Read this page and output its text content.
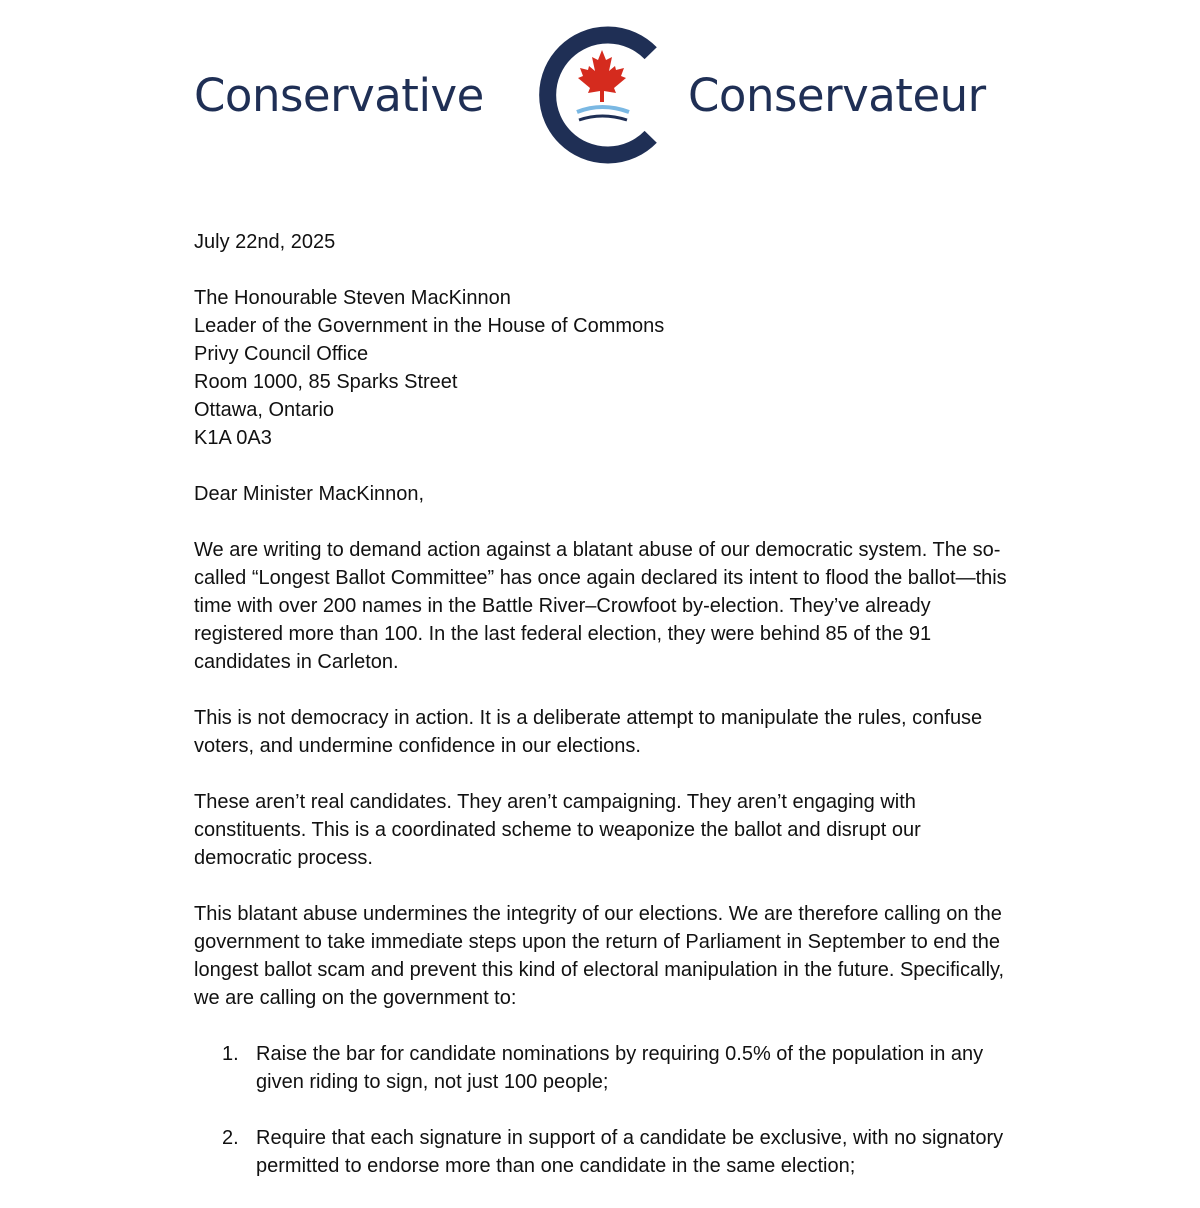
Conservative	Conservateur

July 22nd, 2025

The Honourable Steven MacKinnon
Leader of the Government in the House of Commons
Privy Council Office
Room 1000, 85 Sparks Street
Ottawa, Ontario
K1A 0A3

Dear Minister MacKinnon,

We are writing to demand action against a blatant abuse of our democratic system. The so-called “Longest Ballot Committee” has once again declared its intent to flood the ballot—this time with over 200 names in the Battle River–Crowfoot by-election. They’ve already registered more than 100. In the last federal election, they were behind 85 of the 91 candidates in Carleton.

This is not democracy in action. It is a deliberate attempt to manipulate the rules, confuse voters, and undermine confidence in our elections.

These aren’t real candidates. They aren’t campaigning. They aren’t engaging with constituents. This is a coordinated scheme to weaponize the ballot and disrupt our democratic process.

This blatant abuse undermines the integrity of our elections. We are therefore calling on the government to take immediate steps upon the return of Parliament in September to end the longest ballot scam and prevent this kind of electoral manipulation in the future. Specifically, we are calling on the government to:

1. Raise the bar for candidate nominations by requiring 0.5% of the population in any given riding to sign, not just 100 people;
2. Require that each signature in support of a candidate be exclusive, with no signatory permitted to endorse more than one candidate in the same election;
